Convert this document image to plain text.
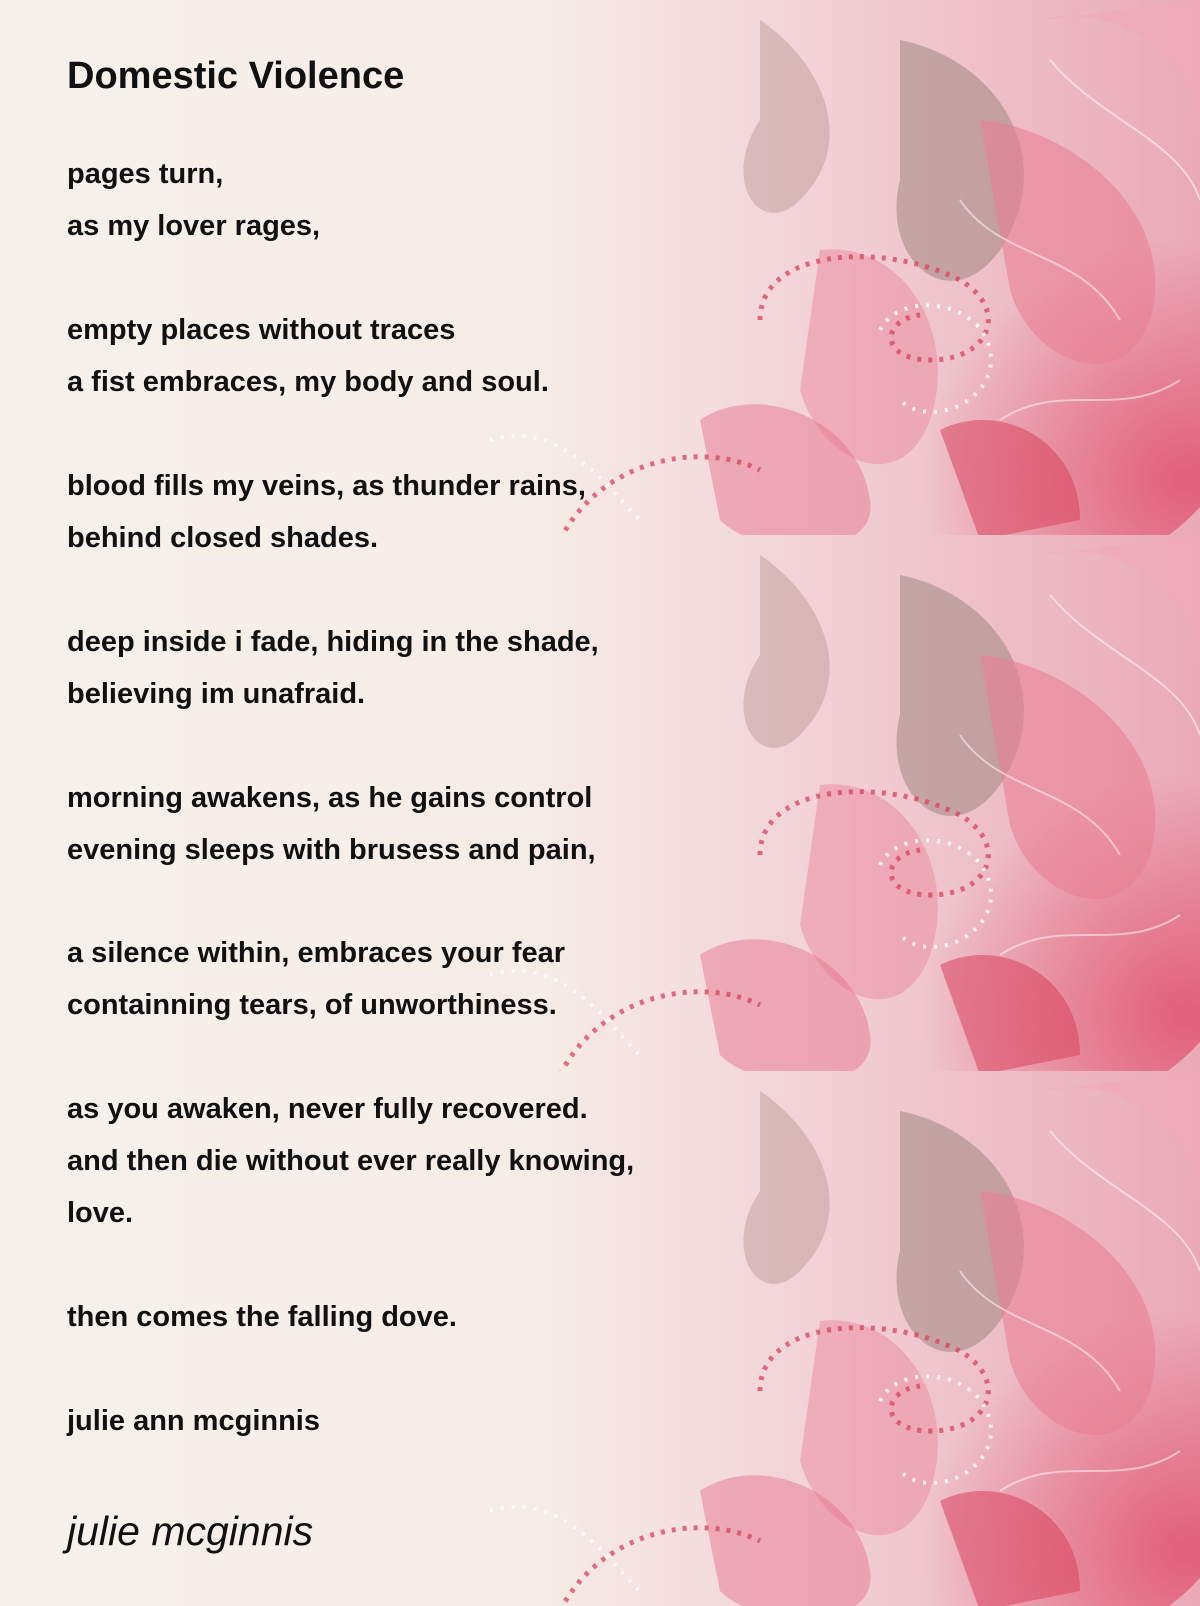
Domestic Violence

pages turn,

as my lover rages,

empty places without traces

a fist embraces, my body and soul.

blood fills my veins, as thunder rains,

behind closed shades.

deep inside i fade, hiding in the shade,

believing im unafraid.

morning awakens, as he gains control

evening sleeps with brusess and pain,

a silence within, embraces your fear

containning tears, of unworthiness.

as you awaken, never fully recovered.

and then die without ever really knowing,

love.

then comes the falling dove.

julie ann mcginnis

julie mcginnis
